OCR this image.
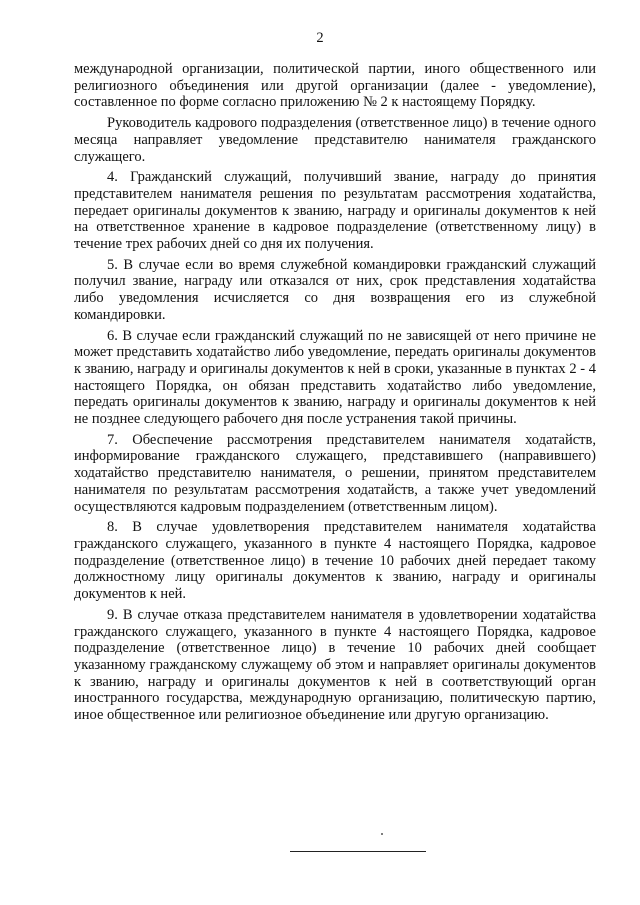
2

международной организации, политической партии, иного общественного или религиозного объединения или другой организации (далее - уведомление), составленное по форме согласно приложению № 2 к настоящему Порядку.

Руководитель кадрового подразделения (ответственное лицо) в течение одного месяца направляет уведомление представителю нанимателя гражданского служащего.

4. Гражданский служащий, получивший звание, награду до принятия представителем нанимателя решения по результатам рассмотрения ходатайства, передает оригиналы документов к званию, награду и оригиналы документов к ней на ответственное хранение в кадровое подразделение (ответственному лицу) в течение трех рабочих дней со дня их получения.

5. В случае если во время служебной командировки гражданский служащий получил звание, награду или отказался от них, срок представления ходатайства либо уведомления исчисляется со дня возвращения его из служебной командировки.

6. В случае если гражданский служащий по не зависящей от него причине не может представить ходатайство либо уведомление, передать оригиналы документов к званию, награду и оригиналы документов к ней в сроки, указанные в пунктах 2 - 4 настоящего Порядка, он обязан представить ходатайство либо уведомление, передать оригиналы документов к званию, награду и оригиналы документов к ней не позднее следующего рабочего дня после устранения такой причины.

7. Обеспечение рассмотрения представителем нанимателя ходатайств, информирование гражданского служащего, представившего (направившего) ходатайство представителю нанимателя, о решении, принятом представителем нанимателя по результатам рассмотрения ходатайств, а также учет уведомлений осуществляются кадровым подразделением (ответственным лицом).

8. В случае удовлетворения представителем нанимателя ходатайства гражданского служащего, указанного в пункте 4 настоящего Порядка, кадровое подразделение (ответственное лицо) в течение 10 рабочих дней передает такому должностному лицу оригиналы документов к званию, награду и оригиналы документов к ней.

9. В случае отказа представителем нанимателя в удовлетворении ходатайства гражданского служащего, указанного в пункте 4 настоящего Порядка, кадровое подразделение (ответственное лицо) в течение 10 рабочих дней сообщает указанному гражданскому служащему об этом и направляет оригиналы документов к званию, награду и оригиналы документов к ней в соответствующий орган иностранного государства, международную организацию, политическую партию, иное общественное или религиозное объединение или другую организацию.
